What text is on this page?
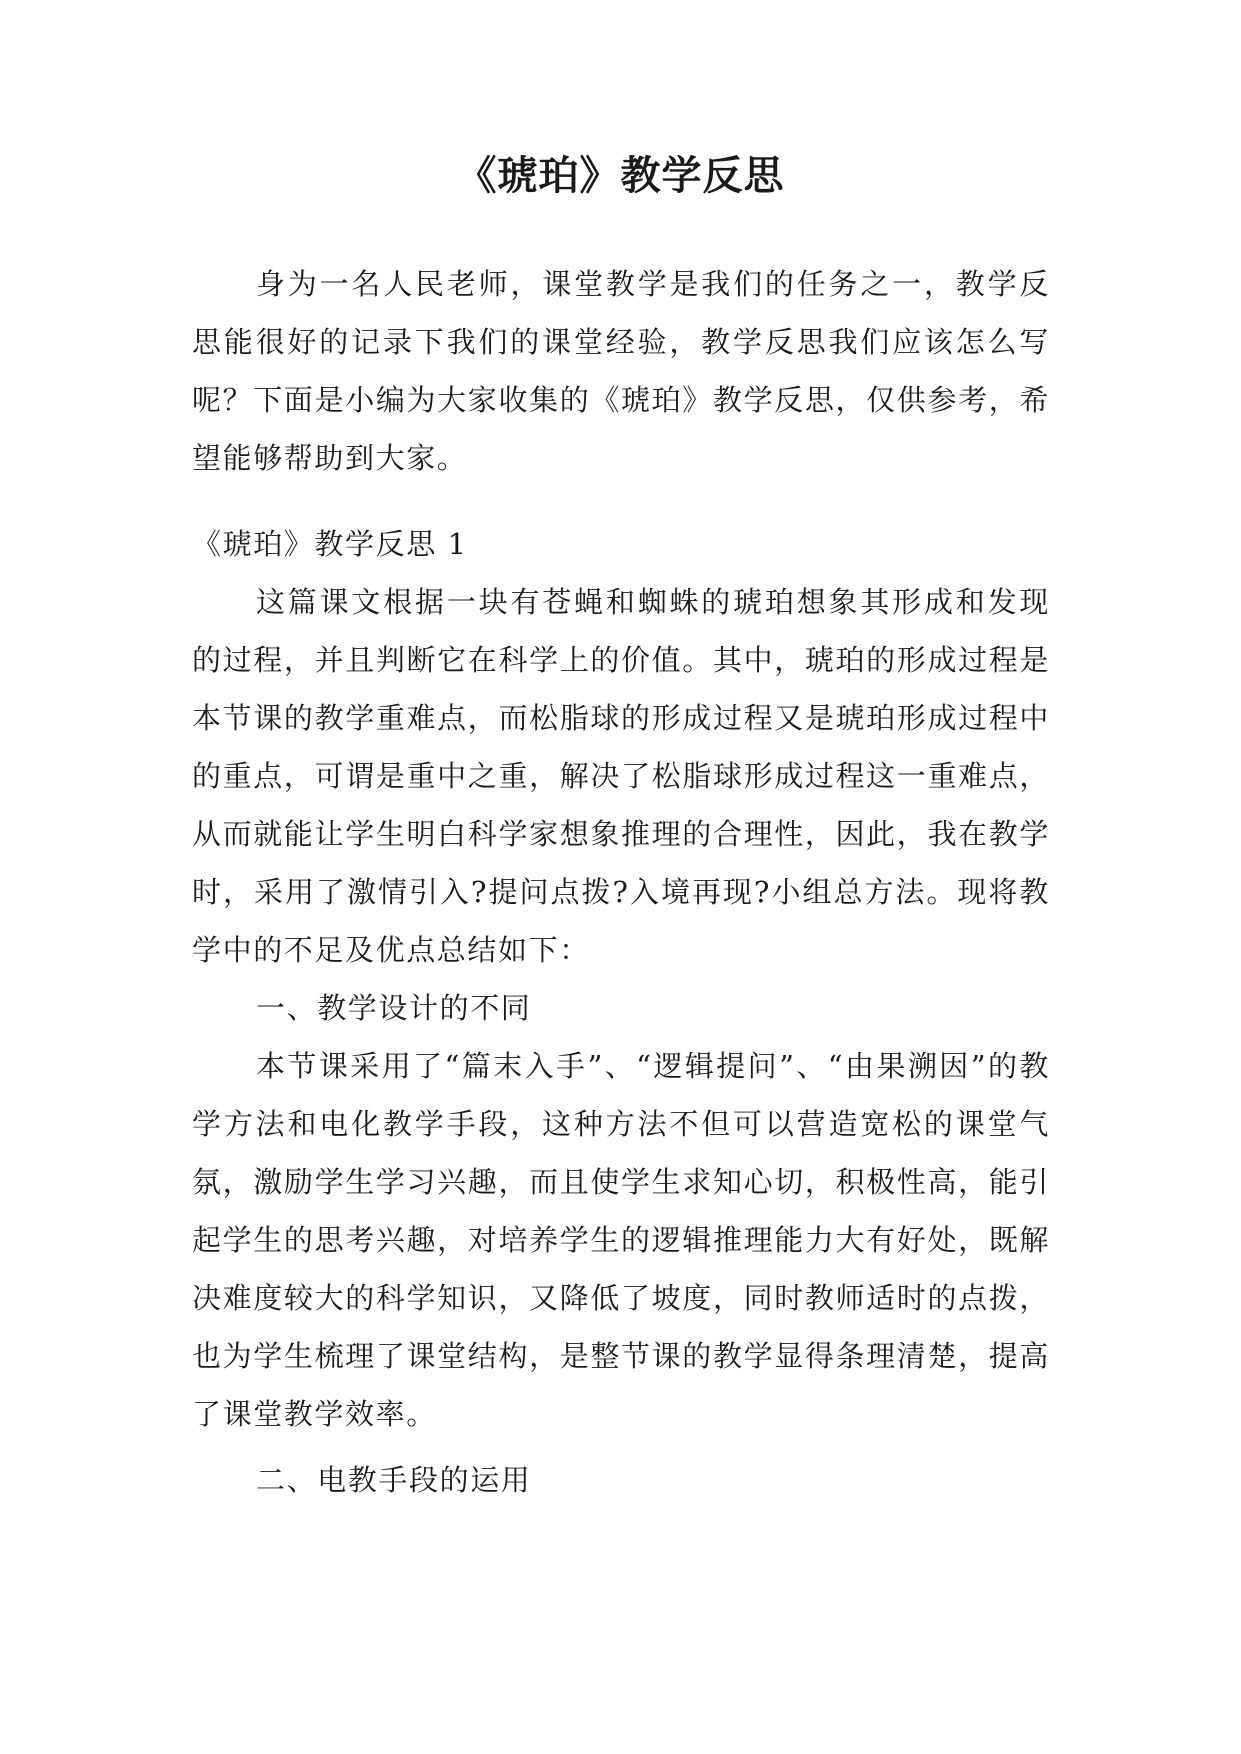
《琥珀》教学反思

身为一名人民老师，课堂教学是我们的任务之一，教学反思能很好的记录下我们的课堂经验，教学反思我们应该怎么写呢？下面是小编为大家收集的《琥珀》教学反思，仅供参考，希望能够帮助到大家。

《琥珀》教学反思 1

这篇课文根据一块有苍蝇和蜘蛛的琥珀想象其形成和发现的过程，并且判断它在科学上的价值。其中，琥珀的形成过程是本节课的教学重难点，而松脂球的形成过程又是琥珀形成过程中的重点，可谓是重中之重，解决了松脂球形成过程这一重难点，从而就能让学生明白科学家想象推理的合理性，因此，我在教学时，采用了激情引入?提问点拨?入境再现?小组总方法。现将教学中的不足及优点总结如下：

一、教学设计的不同

本节课采用了“篇末入手”、“逻辑提问”、“由果溯因”的教学方法和电化教学手段，这种方法不但可以营造宽松的课堂气氛，激励学生学习兴趣，而且使学生求知心切，积极性高，能引起学生的思考兴趣，对培养学生的逻辑推理能力大有好处，既解决难度较大的科学知识，又降低了坡度，同时教师适时的点拨，也为学生梳理了课堂结构，是整节课的教学显得条理清楚，提高了课堂教学效率。

二、电教手段的运用
